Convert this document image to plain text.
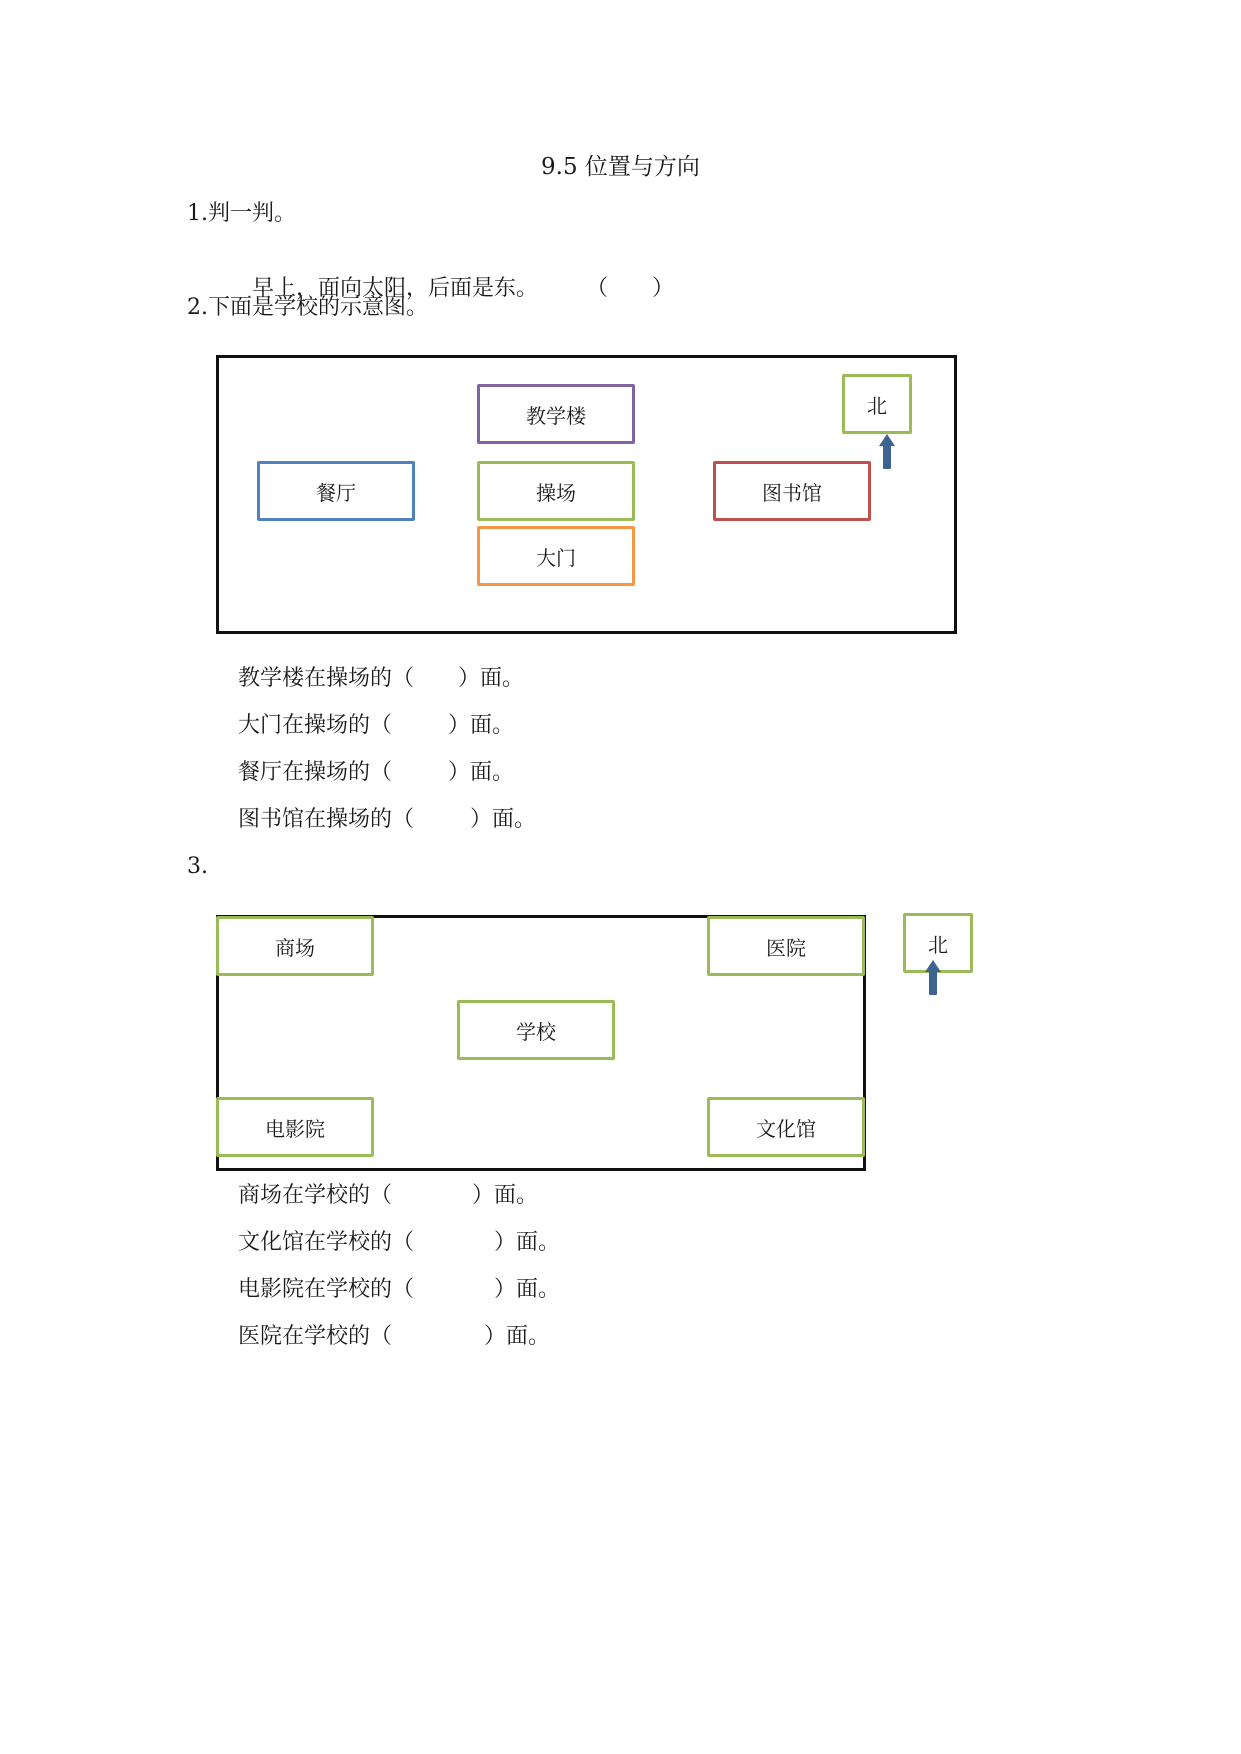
9.5 位置与方向
1.判一判。

早上，面向太阳，后面是东。 （　　）

2.下面是学校的示意图。
教学楼
餐厅	操场	图书馆
大门
北
教学楼在操场的（ ）面。
大门在操场的（	）面。
餐厅在操场的（	）面。
图书馆在操场的（	）面。
3.
商场	医院
学校
电影院	文化馆
北
商场在学校的（	）面。
文化馆在学校的（	）面。
电影院在学校的（	）面。
医院在学校的（	）面。
